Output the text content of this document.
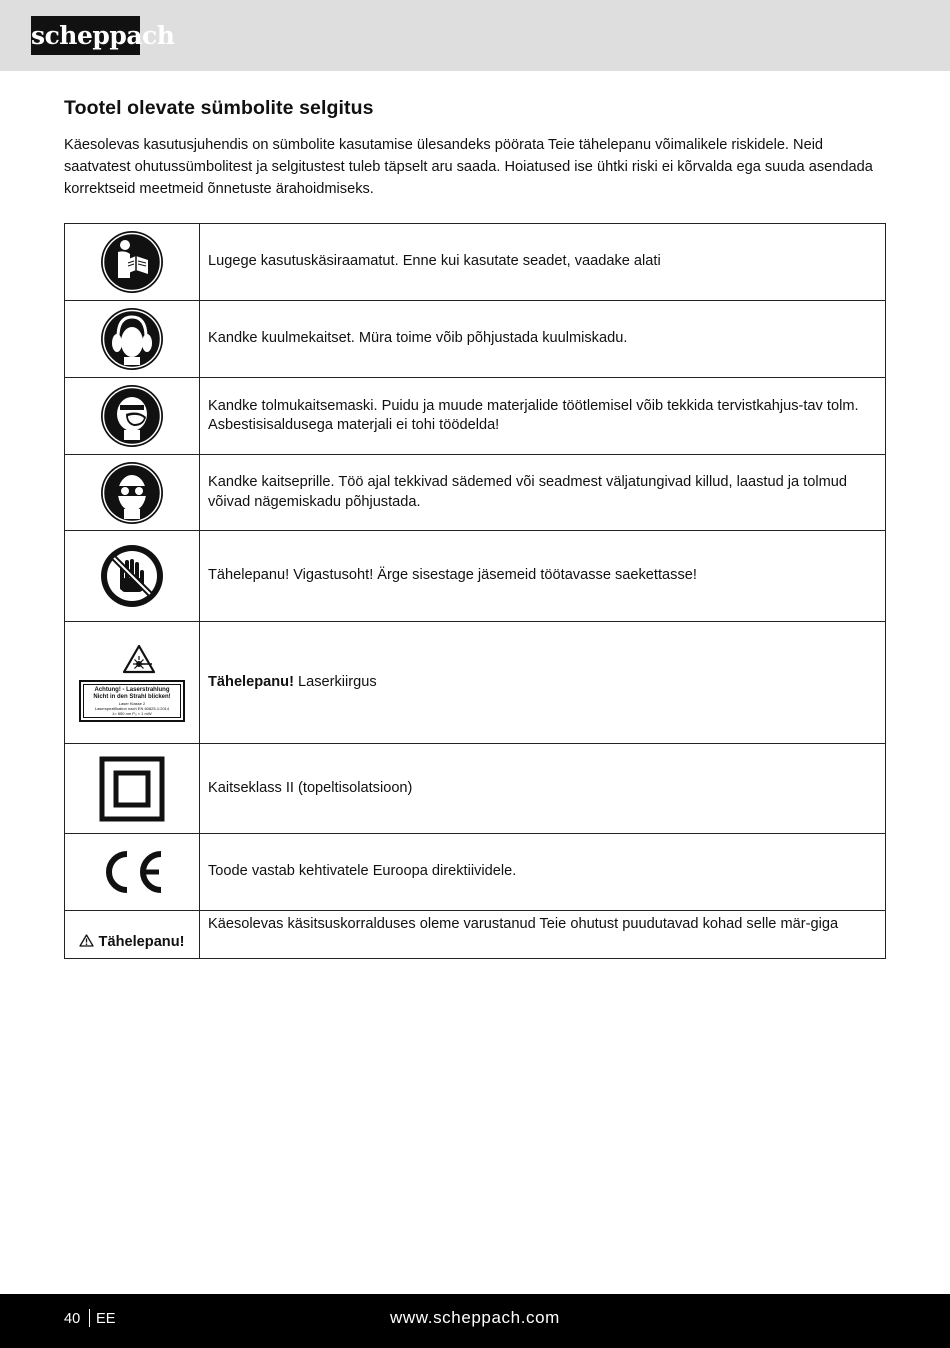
scheppach
Tootel olevate sümbolite selgitus
Käesolevas kasutusjuhendis on sümbolite kasutamise ülesandeks pöörata Teie tähelepanu võimalikele riskidele. Neid saatvatest ohutussümbolitest ja selgitustest tuleb täpselt aru saada. Hoiatused ise ühtki riski ei kõrvalda ega suuda asendada korrektseid meetmeid õnnetuste ärahoidmiseks.
	Lugege kasutuskäsiraamatut. Enne kui kasutate seadet, vaadake alati

	Kandke kuulmekaitset. Müra toime võib põhjustada kuulmiskadu.

	Kandke tolmukaitsemaski. Puidu ja muude materjalide töötlemisel võib tekkida tervistkahjus-tav tolm. Asbestisisaldusega materjali ei tohi töödelda!

	Kandke kaitseprille. Töö ajal tekkivad sädemed või seadmest väljatungivad killud, laastud ja tolmud võivad nägemiskadu põhjustada.

	Tähelepanu! Vigastusoht! Ärge sisestage jäsemeid töötavasse saekettasse!

Achtung! - Laserstrahlung
Nicht in den Strahl blicken!
Laser Klasse 2
Laserspezifikation nach EN 60825-1:2014
λ= 650 nm P₀ < 1 mW	Tähelepanu! Laserkiirgus

	Kaitseklass II (topeltisolatsioon)

	Toode vastab kehtivatele Euroopa direktiividele.
Tähelepanu!	Käesolevas käsitsuskorralduses oleme varustanud Teie ohutust puudutavad kohad selle mär-giga
40 EE	www.scheppach.com
